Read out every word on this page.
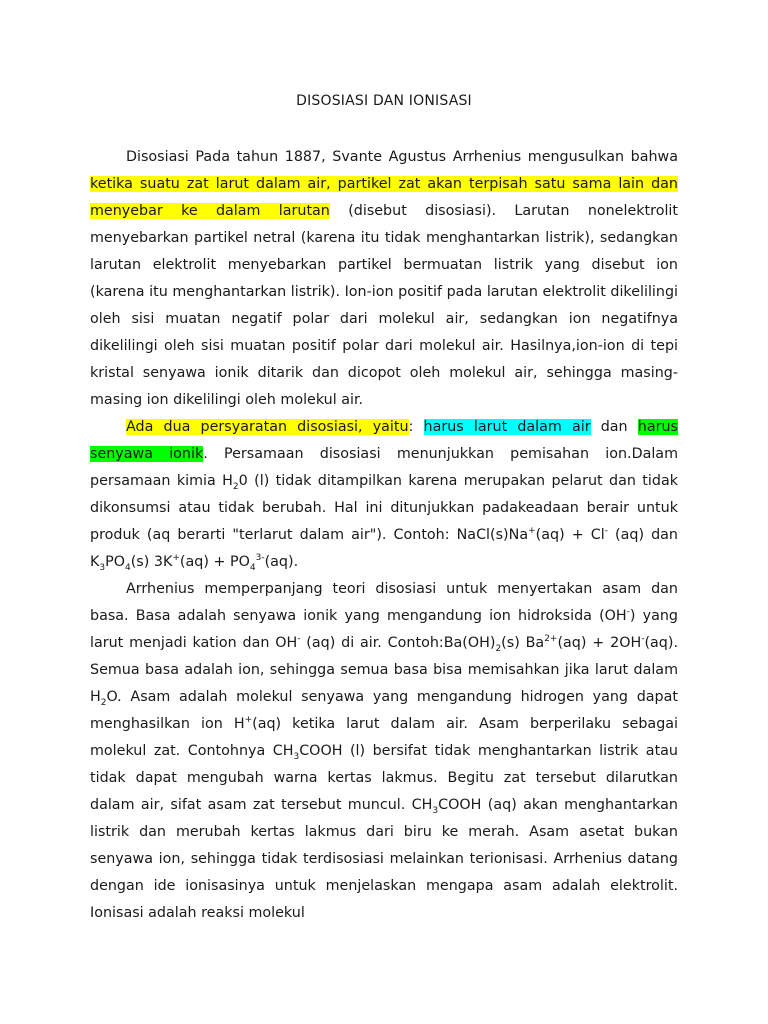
DISOSIASI DAN IONISASI

Disosiasi Pada tahun 1887, Svante Agustus Arrhenius mengusulkan bahwa ketika suatu zat larut dalam air, partikel zat akan terpisah satu sama lain dan menyebar ke dalam larutan (disebut disosiasi). Larutan nonelektrolit menyebarkan partikel netral (karena itu tidak menghantarkan listrik), sedangkan larutan elektrolit menyebarkan partikel bermuatan listrik yang disebut ion (karena itu menghantarkan listrik). Ion-ion positif pada larutan elektrolit dikelilingi oleh sisi muatan negatif polar dari molekul air, sedangkan ion negatifnya dikelilingi oleh sisi muatan positif polar dari molekul air. Hasilnya,ion-ion di tepi kristal senyawa ionik ditarik dan dicopot oleh molekul air, sehingga masing-masing ion dikelilingi oleh molekul air.

Ada dua persyaratan disosiasi, yaitu: harus larut dalam air dan harus senyawa ionik. Persamaan disosiasi menunjukkan pemisahan ion.Dalam persamaan kimia $H_20$ (l) tidak ditampilkan karena merupakan pelarut dan tidak dikonsumsi atau tidak berubah. Hal ini ditunjukkan padakeadaan berair untuk produk (aq berarti "terlarut dalam air"). Contoh: NaCl(s)Na+(aq) + Cl- (aq) dan $K_3PO_4(s) 3K^+(aq) + PO_4^{3-}(aq)$.

Arrhenius memperpanjang teori disosiasi untuk menyertakan asam dan basa. Basa adalah senyawa ionik yang mengandung ion hidroksida (OH-) yang larut menjadi kation dan OH- (aq) di air. $Contoh:Ba(OH)_2(s) Ba^{2+}(aq) + 2OH^-(aq)$. Semua basa adalah ion, sehingga semua basa bisa memisahkan jika larut dalam $H_2O$. Asam adalah molekul senyawa yang mengandung hidrogen yang dapat menghasilkan ion H+(aq) ketika larut dalam air. Asam berperilaku sebagai molekul zat. Contohnya $CH_3COOH$ (l) bersifat tidak menghantarkan listrik atau tidak dapat mengubah warna kertas lakmus. Begitu zat tersebut dilarutkan dalam air, sifat asam zat tersebut muncul. $CH_3COOH$ (aq) akan menghantarkan listrik dan merubah kertas lakmus dari biru ke merah. Asam asetat bukan senyawa ion, sehingga tidak terdisosiasi melainkan terionisasi. Arrhenius datang dengan ide ionisasinya untuk menjelaskan mengapa asam adalah elektrolit. Ionisasi adalah reaksi molekul
